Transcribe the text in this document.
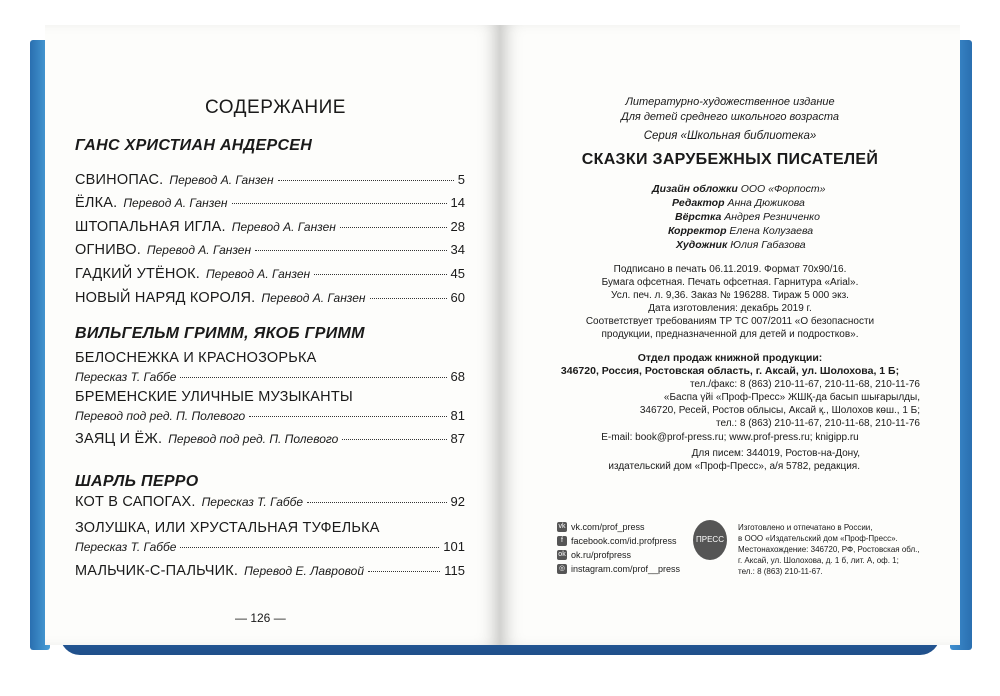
СОДЕРЖАНИЕ
ГАНС ХРИСТИАН АНДЕРСЕН
СВИНОПАС. Перевод А. Ганзен	5
ЁЛКА. Перевод А. Ганзен	14
ШТОПАЛЬНАЯ ИГЛА. Перевод А. Ганзен	28
ОГНИВО. Перевод А. Ганзен	34
ГАДКИЙ УТЁНОК. Перевод А. Ганзен	45
НОВЫЙ НАРЯД КОРОЛЯ. Перевод А. Ганзен	60
ВИЛЬГЕЛЬМ ГРИММ, ЯКОБ ГРИММ
БЕЛОСНЕЖКА И КРАСНОЗОРЬКА
Пересказ Т. Габбе	68
БРЕМЕНСКИЕ УЛИЧНЫЕ МУЗЫКАНТЫ
Перевод под ред. П. Полевого	81
ЗАЯЦ И ЁЖ. Перевод под ред. П. Полевого	87
ШАРЛЬ ПЕРРО
КОТ В САПОГАХ. Пересказ Т. Габбе	92
ЗОЛУШКА, ИЛИ ХРУСТАЛЬНАЯ ТУФЕЛЬКА
Пересказ Т. Габбе	101
МАЛЬЧИК-С-ПАЛЬЧИК. Перевод Е. Лавровой	115
— 126 —
Литературно-художественное издание
Для детей среднего школьного возраста
Серия «Школьная библиотека»
СКАЗКИ ЗАРУБЕЖНЫХ ПИСАТЕЛЕЙ
Дизайн обложки ООО «Форпост»
Редактор Анна Дюжикова
Вёрстка Андрея Резниченко
Корректор Елена Колузаева
Художник Юлия Габазова
Подписано в печать 06.11.2019. Формат 70х90/16.
Бумага офсетная. Печать офсетная. Гарнитура «Arial».
Усл. печ. л. 9,36. Заказ № 196288. Тираж 5 000 экз.
Дата изготовления: декабрь 2019 г.
Соответствует требованиям ТР ТС 007/2011 «О безопасности
продукции, предназначенной для детей и подростков».
Отдел продаж книжной продукции:
346720, Россия, Ростовская область, г. Аксай, ул. Шолохова, 1 Б;
тел./факс: 8 (863) 210-11-67, 210-11-68, 210-11-76
«Баспа үйі «Проф-Пресс» ЖШҚ-дa басып шығарылды,
346720, Ресей, Ростов облысы, Аксай қ., Шолохов көш., 1 Б;
тел.: 8 (863) 210-11-67, 210-11-68, 210-11-76
E-mail: book@prof-press.ru; www.prof-press.ru; knigipp.ru
Для писем: 344019, Ростов-на-Дону,
издательский дом «Проф-Пресс», а/я 5782, редакция.
vk vk.com/prof_press
f facebook.com/id.profpress
ok ok.ru/profpress
◎ instagram.com/prof__press
ПРЕСС
Изготовлено и отпечатано в России,
в ООО «Издательский дом «Проф-Пресс».
Местонахождение: 346720, РФ, Ростовская обл.,
г. Аксай, ул. Шолохова, д. 1 б, лит. А, оф. 1;
тел.: 8 (863) 210-11-67.
